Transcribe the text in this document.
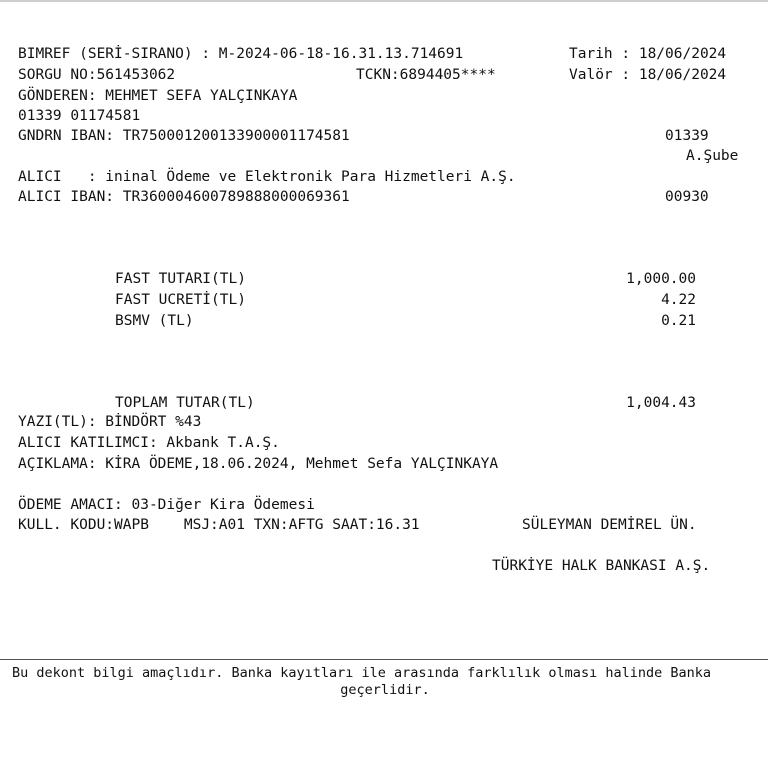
BIMREF (SERİ-SIRANO) : M-2024-06-18-16.31.13.714691	Tarih : 18/06/2024
SORGU NO:561453062	TCKN:6894405****	Valör : 18/06/2024
GÖNDEREN: MEHMET SEFA YALÇINKAYA
01339 01174581
GNDRN IBAN: TR750001200133900001174581	01339
A.Şube
ALICI   : ininal Ödeme ve Elektronik Para Hizmetleri A.Ş.
ALICI IBAN: TR360004600789888000069361	00930
FAST TUTARI(TL)	1,000.00
FAST UCRETİ(TL)	4.22
BSMV (TL)	0.21
TOPLAM TUTAR(TL)	1,004.43
YAZI(TL): BİNDÖRT %43
ALICI KATILIMCI: Akbank T.A.Ş.
AÇIKLAMA: KİRA ÖDEME,18.06.2024, Mehmet Sefa YALÇINKAYA
ÖDEME AMACI: 03-Diğer Kira Ödemesi
KULL. KODU:WAPB    MSJ:A01 TXN:AFTG SAAT:16.31	SÜLEYMAN DEMİREL ÜN.
TÜRKİYE HALK BANKASI A.Ş.
Bu dekont bilgi amaçlıdır. Banka kayıtları ile arasında farklılık olması halinde Banka
geçerlidir.
